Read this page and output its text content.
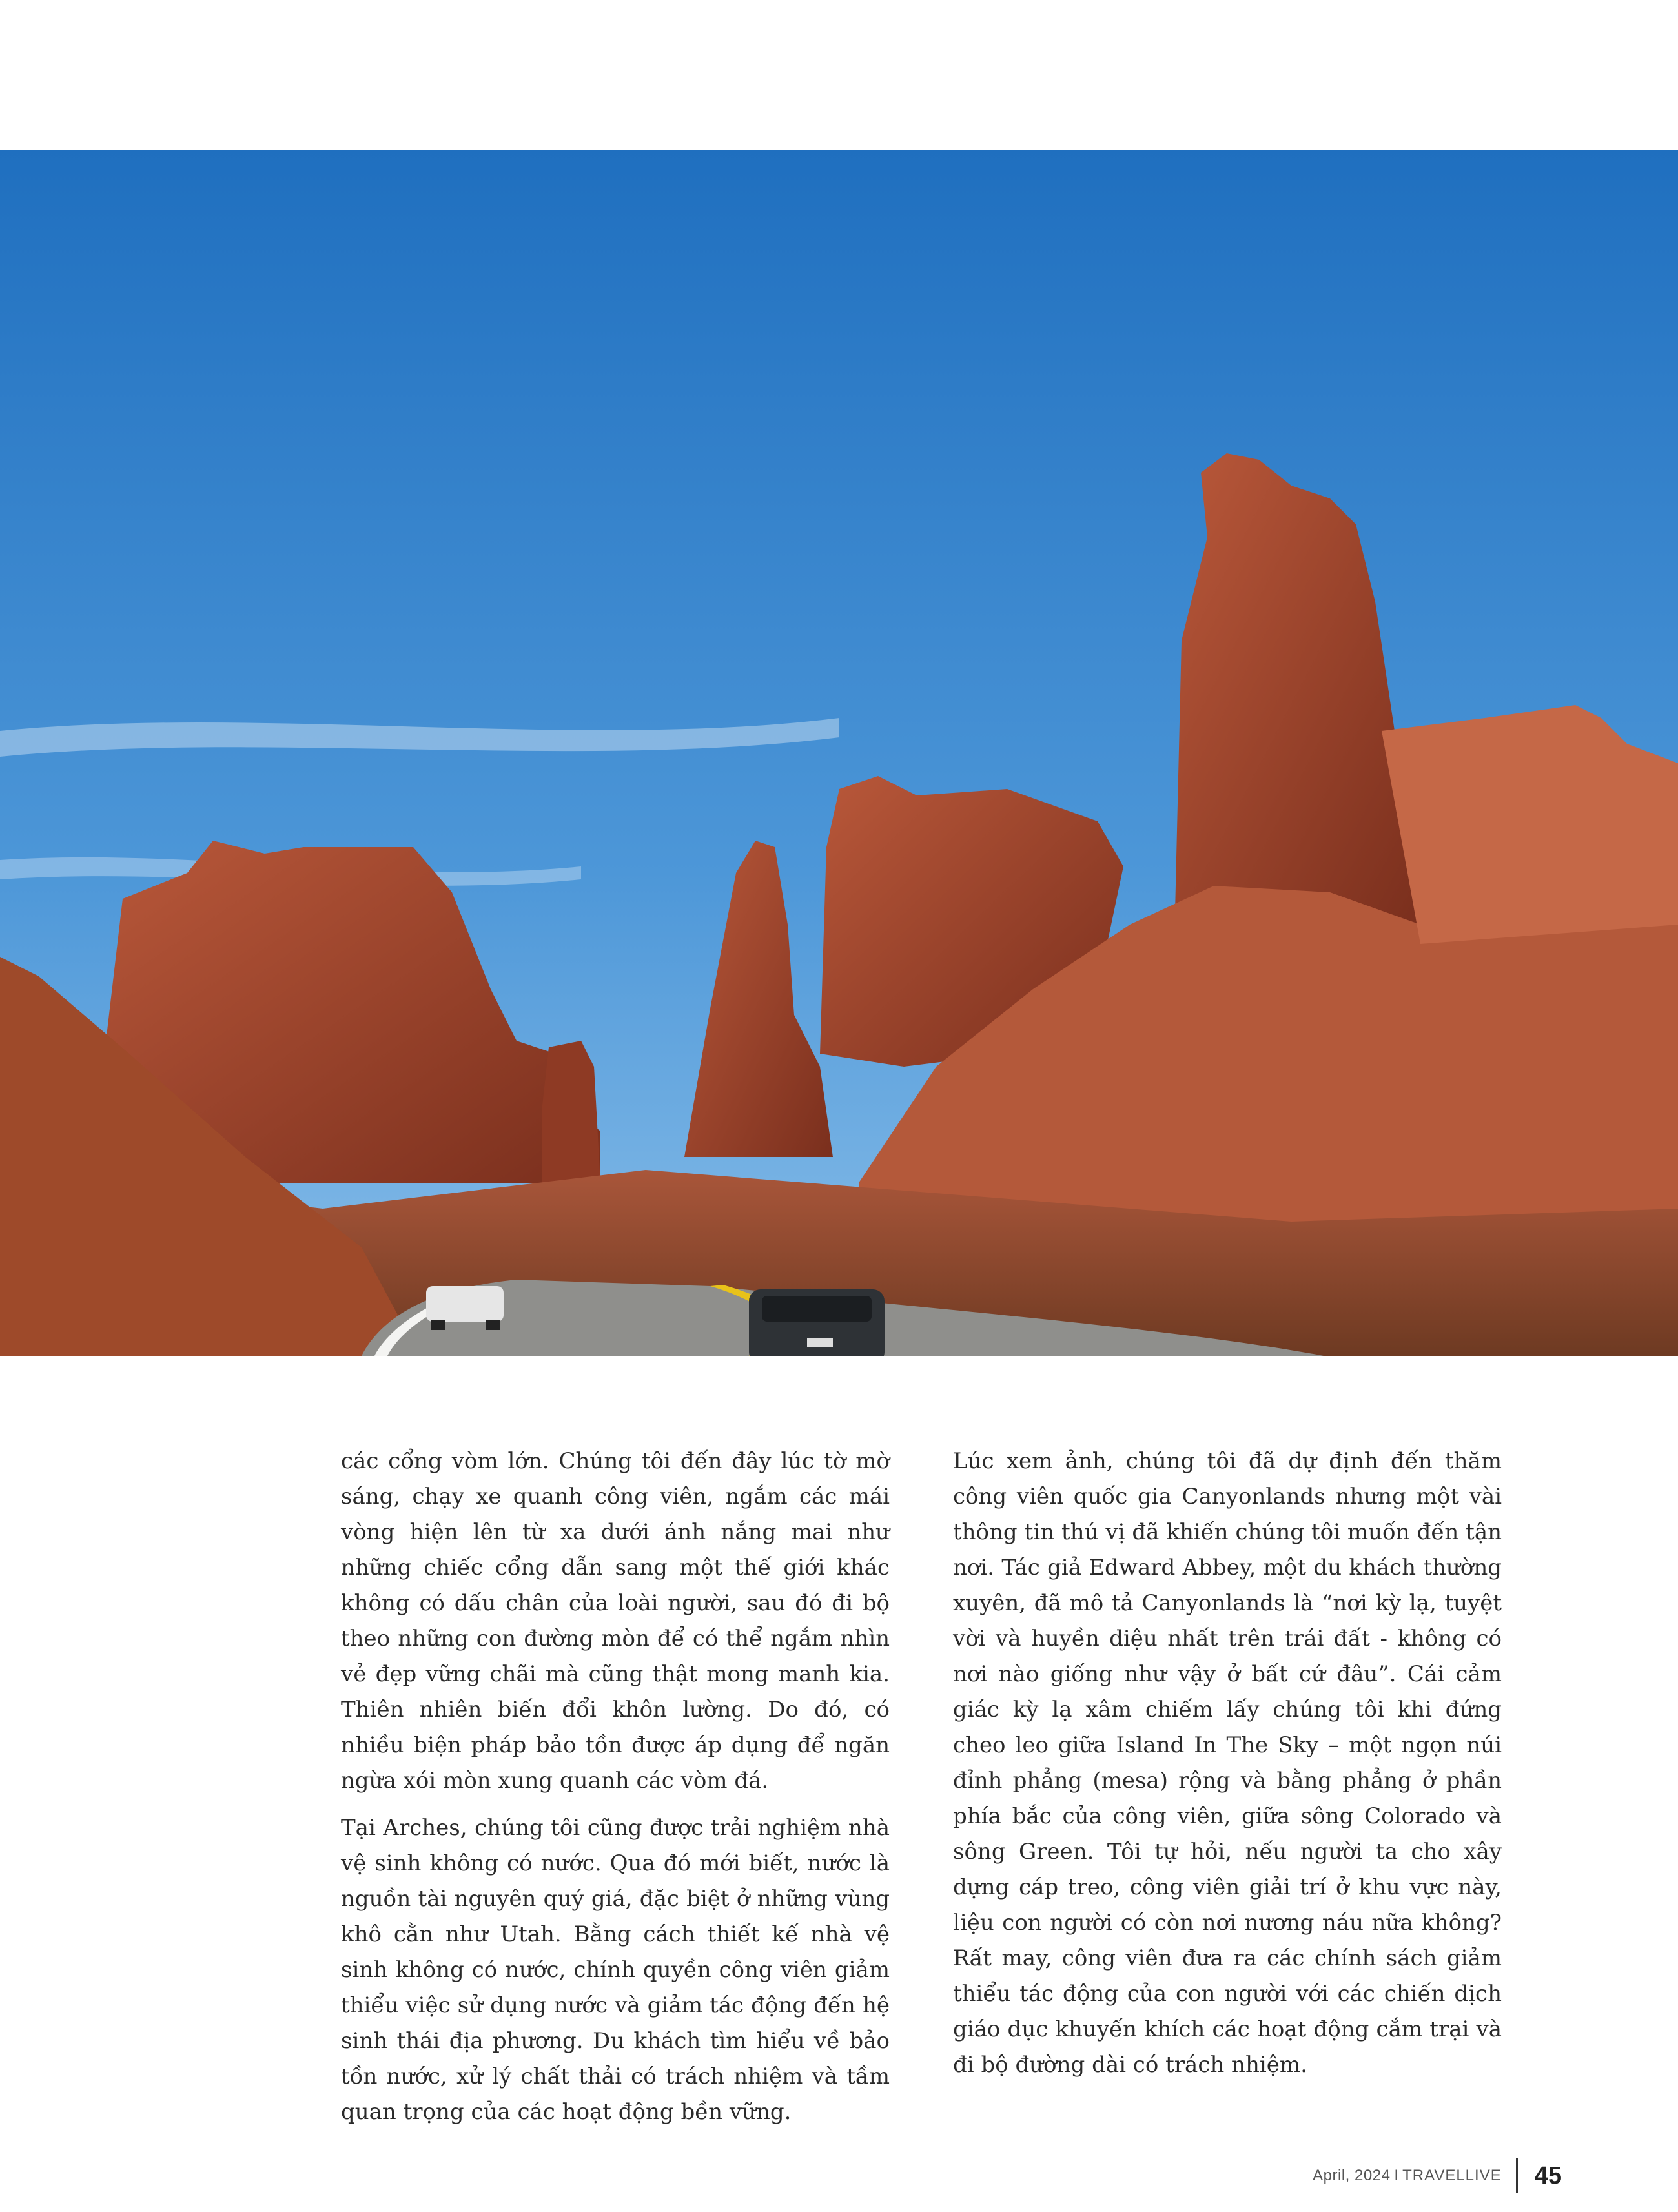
các cổng vòm lớn. Chúng tôi đến đây lúc tờ mờ sáng, chạy xe quanh công viên, ngắm các mái vòng hiện lên từ xa dưới ánh nắng mai như những chiếc cổng dẫn sang một thế giới khác không có dấu chân của loài người, sau đó đi bộ theo những con đường mòn để có thể ngắm nhìn vẻ đẹp vững chãi mà cũng thật mong manh kia. Thiên nhiên biến đổi khôn lường. Do đó, có nhiều biện pháp bảo tồn được áp dụng để ngăn ngừa xói mòn xung quanh các vòm đá.

Tại Arches, chúng tôi cũng được trải nghiệm nhà vệ sinh không có nước. Qua đó mới biết, nước là nguồn tài nguyên quý giá, đặc biệt ở những vùng khô cằn như Utah. Bằng cách thiết kế nhà vệ sinh không có nước, chính quyền công viên giảm thiểu việc sử dụng nước và giảm tác động đến hệ sinh thái địa phương. Du khách tìm hiểu về bảo tồn nước, xử lý chất thải có trách nhiệm và tầm quan trọng của các hoạt động bền vững.

Lúc xem ảnh, chúng tôi đã dự định đến thăm công viên quốc gia Canyonlands nhưng một vài thông tin thú vị đã khiến chúng tôi muốn đến tận nơi. Tác giả Edward Abbey, một du khách thường xuyên, đã mô tả Canyonlands là “nơi kỳ lạ, tuyệt vời và huyền diệu nhất trên trái đất - không có nơi nào giống như vậy ở bất cứ đâu”. Cái cảm giác kỳ lạ xâm chiếm lấy chúng tôi khi đứng cheo leo giữa Island In The Sky – một ngọn núi đỉnh phẳng (mesa) rộng và bằng phẳng ở phần phía bắc của công viên, giữa sông Colorado và sông Green. Tôi tự hỏi, nếu người ta cho xây dựng cáp treo, công viên giải trí ở khu vực này, liệu con người có còn nơi nương náu nữa không? Rất may, công viên đưa ra các chính sách giảm thiểu tác động của con người với các chiến dịch giáo dục khuyến khích các hoạt động cắm trại và đi bộ đường dài có trách nhiệm.

April, 2024 I TRAVELLIVE 45
